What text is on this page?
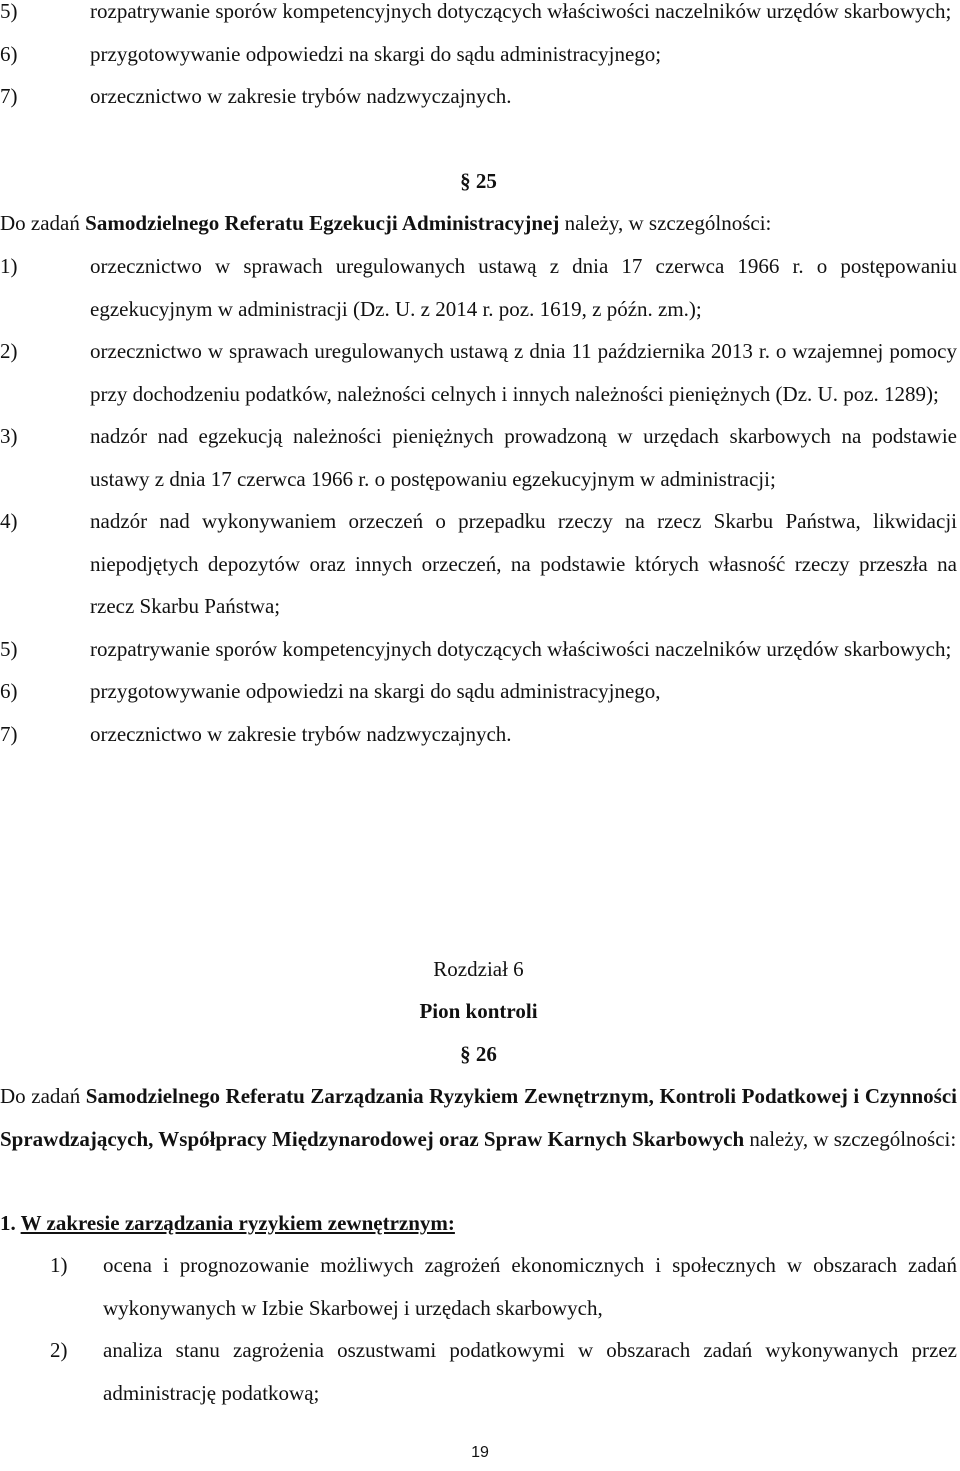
5)	rozpatrywanie sporów kompetencyjnych dotyczących właściwości naczelników urzędów skarbowych;
6)	przygotowywanie odpowiedzi na skargi do sądu administracyjnego;
7)	orzecznictwo w zakresie trybów nadzwyczajnych.
§ 25
Do zadań Samodzielnego Referatu Egzekucji Administracyjnej należy, w szczególności:
1)	orzecznictwo w sprawach uregulowanych ustawą z dnia 17 czerwca 1966 r. o postępowaniu egzekucyjnym w administracji (Dz. U. z 2014 r. poz. 1619, z późn. zm.);
2)	orzecznictwo w sprawach uregulowanych ustawą z dnia 11 października 2013 r. o wzajemnej pomocy przy dochodzeniu podatków, należności celnych i innych należności pieniężnych (Dz. U. poz. 1289);
3)	nadzór nad egzekucją należności pieniężnych prowadzoną w urzędach skarbowych na podstawie ustawy z dnia 17 czerwca 1966 r. o postępowaniu egzekucyjnym w administracji;
4)	nadzór nad wykonywaniem orzeczeń o przepadku rzeczy na rzecz Skarbu Państwa, likwidacji niepodjętych depozytów oraz innych orzeczeń, na podstawie których własność rzeczy przeszła na rzecz Skarbu Państwa;
5)	rozpatrywanie sporów kompetencyjnych dotyczących właściwości naczelników urzędów skarbowych;
6)	przygotowywanie odpowiedzi na skargi do sądu administracyjnego,
7)	orzecznictwo w zakresie trybów nadzwyczajnych.
Rozdział 6
Pion kontroli
§ 26
Do zadań Samodzielnego Referatu Zarządzania Ryzykiem Zewnętrznym, Kontroli Podatkowej i Czynności Sprawdzających, Współpracy Międzynarodowej oraz Spraw Karnych Skarbowych należy, w szczególności:
1. W zakresie zarządzania ryzykiem zewnętrznym:
1)	ocena i prognozowanie możliwych zagrożeń ekonomicznych i społecznych w obszarach zadań wykonywanych w Izbie Skarbowej i urzędach skarbowych,
2)	analiza stanu zagrożenia oszustwami podatkowymi w obszarach zadań wykonywanych przez administrację podatkową;
19
